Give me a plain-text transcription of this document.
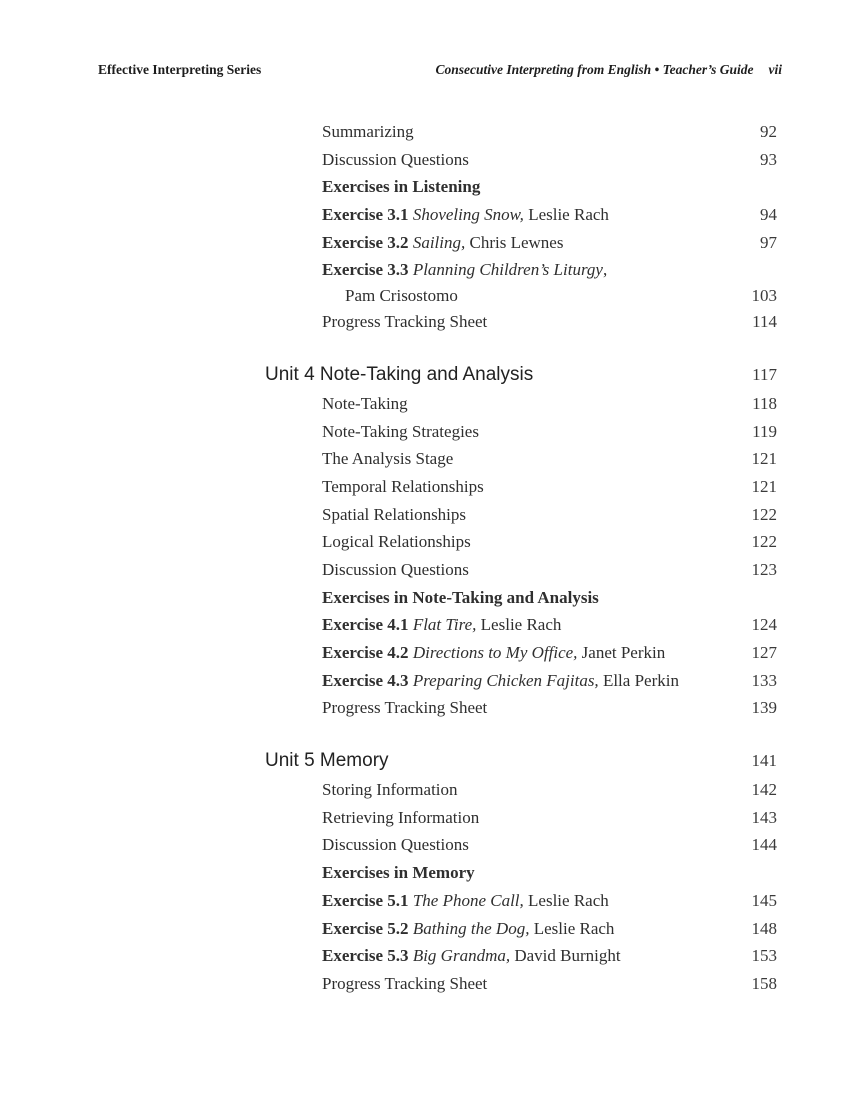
Effective Interpreting Series	Consecutive Interpreting from English • Teacher’s Guide vii
Summarizing	92
Discussion Questions	93
Exercises in Listening
Exercise 3.1 Shoveling Snow, Leslie Rach	94
Exercise 3.2 Sailing, Chris Lewnes	97
Exercise 3.3 Planning Children’s Liturgy,
Pam Crisostomo	103
Progress Tracking Sheet	114
Unit 4 Note-Taking and Analysis	117
Note-Taking	118
Note-Taking Strategies	119
The Analysis Stage	121
Temporal Relationships	121
Spatial Relationships	122
Logical Relationships	122
Discussion Questions	123
Exercises in Note-Taking and Analysis
Exercise 4.1 Flat Tire, Leslie Rach	124
Exercise 4.2 Directions to My Office, Janet Perkin	127
Exercise 4.3 Preparing Chicken Fajitas, Ella Perkin	133
Progress Tracking Sheet	139
Unit 5 Memory	141
Storing Information	142
Retrieving Information	143
Discussion Questions	144
Exercises in Memory
Exercise 5.1 The Phone Call, Leslie Rach	145
Exercise 5.2 Bathing the Dog, Leslie Rach	148
Exercise 5.3 Big Grandma, David Burnight	153
Progress Tracking Sheet	158
